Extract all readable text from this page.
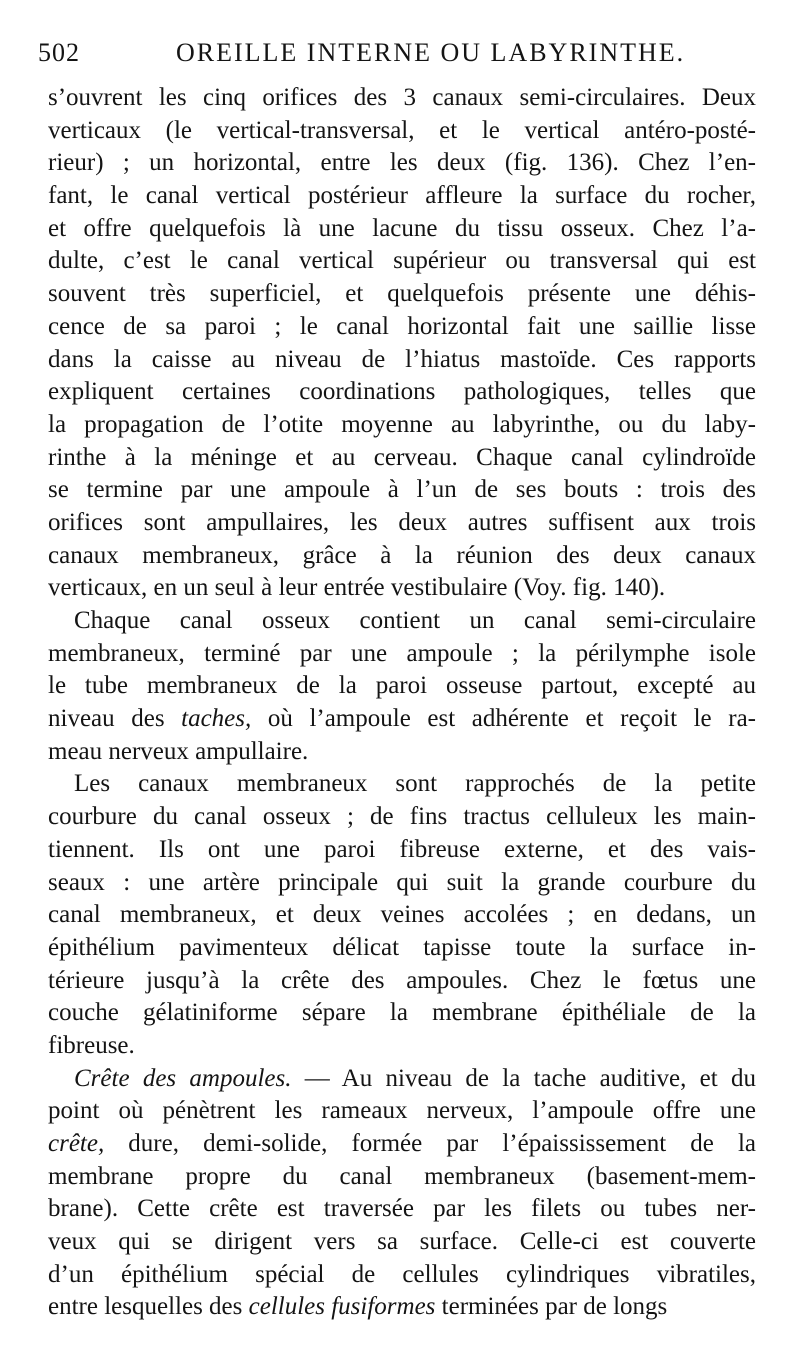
502	OREILLE INTERNE OU LABYRINTHE.
s’ouvrent les cinq orifices des 3 canaux semi-circulaires. Deux
verticaux (le vertical-transversal, et le vertical antéro-posté-
rieur) ; un horizontal, entre les deux (fig. 136). Chez l’en-
fant, le canal vertical postérieur affleure la surface du rocher,
et offre quelquefois là une lacune du tissu osseux. Chez l’a-
dulte, c’est le canal vertical supérieur ou transversal qui est
souvent très superficiel, et quelquefois présente une déhis-
cence de sa paroi ; le canal horizontal fait une saillie lisse
dans la caisse au niveau de l’hiatus mastoïde. Ces rapports
expliquent certaines coordinations pathologiques, telles que
la propagation de l’otite moyenne au labyrinthe, ou du laby-
rinthe à la méninge et au cerveau. Chaque canal cylindroïde
se termine par une ampoule à l’un de ses bouts : trois des
orifices sont ampullaires, les deux autres suffisent aux trois
canaux membraneux, grâce à la réunion des deux canaux
verticaux, en un seul à leur entrée vestibulaire (Voy. fig. 140).
Chaque canal osseux contient un canal semi-circulaire
membraneux, terminé par une ampoule ; la périlymphe isole
le tube membraneux de la paroi osseuse partout, excepté au
niveau des taches, où l’ampoule est adhérente et reçoit le ra-
meau nerveux ampullaire.
Les canaux membraneux sont rapprochés de la petite
courbure du canal osseux ; de fins tractus celluleux les main-
tiennent. Ils ont une paroi fibreuse externe, et des vais-
seaux : une artère principale qui suit la grande courbure du
canal membraneux, et deux veines accolées ; en dedans, un
épithélium pavimenteux délicat tapisse toute la surface in-
térieure jusqu’à la crête des ampoules. Chez le fœtus une
couche gélatiniforme sépare la membrane épithéliale de la
fibreuse.
Crête des ampoules. — Au niveau de la tache auditive, et du
point où pénètrent les rameaux nerveux, l’ampoule offre une
crête, dure, demi-solide, formée par l’épaississement de la
membrane propre du canal membraneux (basement-mem-
brane). Cette crête est traversée par les filets ou tubes ner-
veux qui se dirigent vers sa surface. Celle-ci est couverte
d’un épithélium spécial de cellules cylindriques vibratiles,
entre lesquelles des cellules fusiformes terminées par de longs
